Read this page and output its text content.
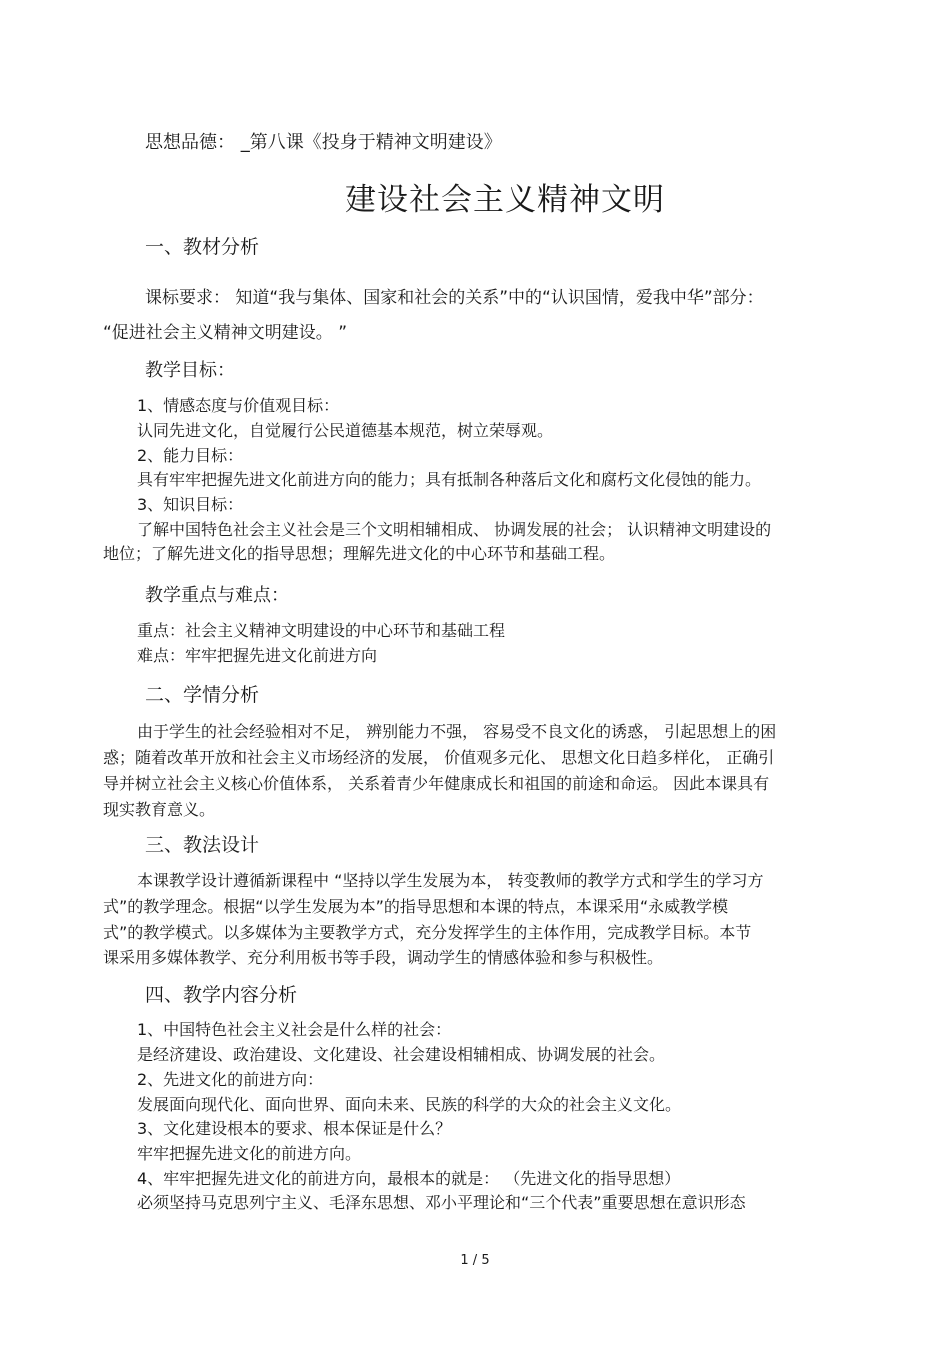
思想品德： _第八课《投身于精神文明建设》
建设社会主义精神文明
一、教材分析
课标要求： 知道“我与集体、国家和社会的关系”中的“认识国情，爱我中华”部分：
“促进社会主义精神文明建设。 ”
教学目标：
1、情感态度与价值观目标：
认同先进文化，自觉履行公民道德基本规范，树立荣辱观。
2、能力目标：
具有牢牢把握先进文化前进方向的能力；具有抵制各种落后文化和腐朽文化侵蚀的能力。
3、知识目标：
了解中国特色社会主义社会是三个文明相辅相成、 协调发展的社会； 认识精神文明建设的
地位；了解先进文化的指导思想；理解先进文化的中心环节和基础工程。
教学重点与难点：
重点：社会主义精神文明建设的中心环节和基础工程
难点：牢牢把握先进文化前进方向
二、学情分析
由于学生的社会经验相对不足， 辨别能力不强， 容易受不良文化的诱惑， 引起思想上的困
惑；随着改革开放和社会主义市场经济的发展， 价值观多元化、 思想文化日趋多样化， 正确引
导并树立社会主义核心价值体系， 关系着青少年健康成长和祖国的前途和命运。 因此本课具有
现实教育意义。
三、教法设计
本课教学设计遵循新课程中 “坚持以学生发展为本， 转变教师的教学方式和学生的学习方
式”的教学理念。根据“以学生发展为本”的指导思想和本课的特点，本课采用“永威教学模
式”的教学模式。以多媒体为主要教学方式，充分发挥学生的主体作用，完成教学目标。本节
课采用多媒体教学、充分利用板书等手段，调动学生的情感体验和参与积极性。
四、教学内容分析
1、中国特色社会主义社会是什么样的社会：
是经济建设、政治建设、文化建设、社会建设相辅相成、协调发展的社会。
2、先进文化的前进方向：
发展面向现代化、面向世界、面向未来、民族的科学的大众的社会主义文化。
3、文化建设根本的要求、根本保证是什么？
牢牢把握先进文化的前进方向。
4、牢牢把握先进文化的前进方向，最根本的就是： （先进文化的指导思想）
必须坚持马克思列宁主义、毛泽东思想、邓小平理论和“三个代表”重要思想在意识形态
1 / 5
